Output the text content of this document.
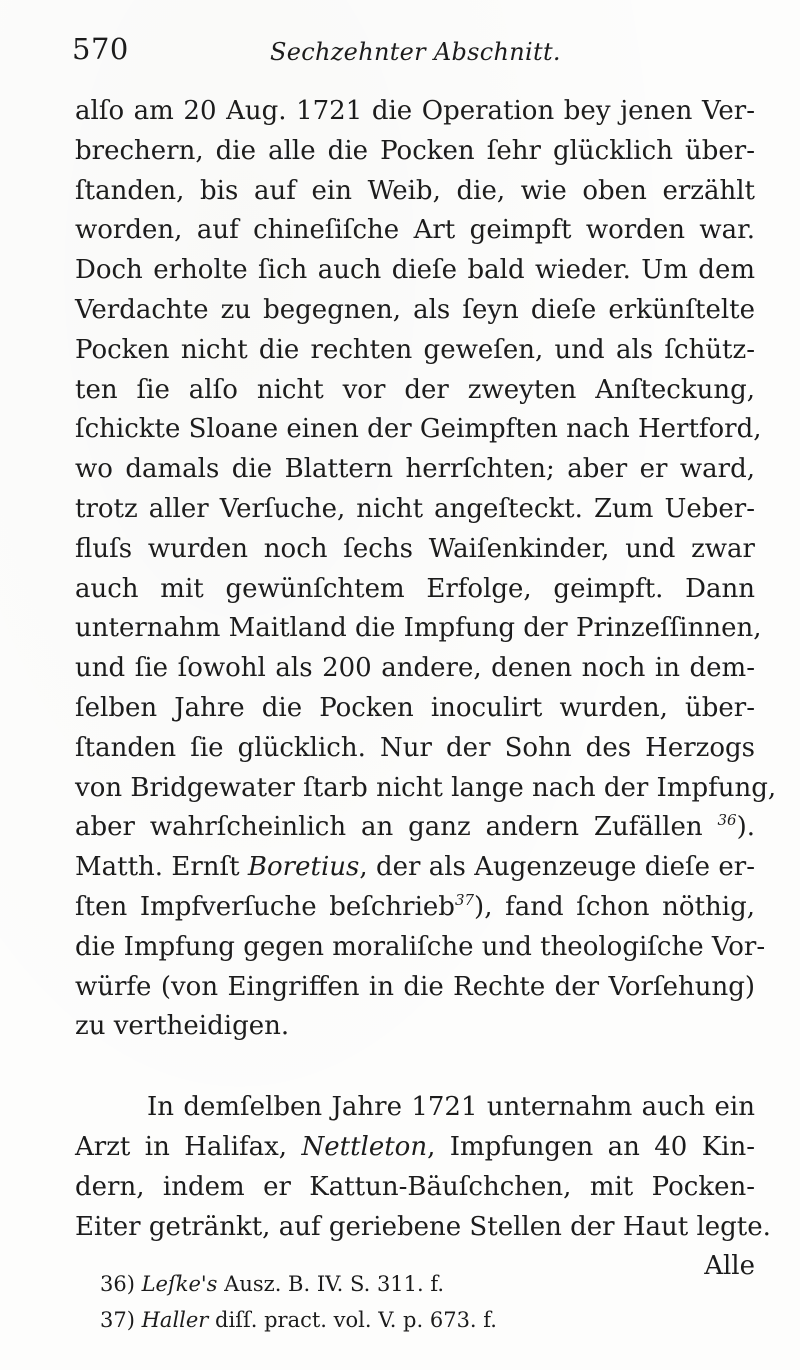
570	Sechzehnter Abschnitt.
alſo am 20 Aug. 1721 die Operation bey jenen Ver-
brechern, die alle die Pocken ſehr glücklich über-
ſtanden, bis auf ein Weib, die, wie oben erzählt
worden, auf chineſiſche Art geimpft worden war.
Doch erholte ſich auch dieſe bald wieder. Um dem
Verdachte zu begegnen, als ſeyn dieſe erkünſtelte
Pocken nicht die rechten geweſen, und als ſchütz-
ten ſie alſo nicht vor der zweyten Anſteckung,
ſchickte Sloane einen der Geimpften nach Hertford,
wo damals die Blattern herrſchten; aber er ward,
trotz aller Verſuche, nicht angeſteckt. Zum Ueber-
fluſs wurden noch ſechs Waiſenkinder, und zwar
auch mit gewünſchtem Erfolge, geimpft. Dann
unternahm Maitland die Impfung der Prinzeſſinnen,
und ſie ſowohl als 200 andere, denen noch in dem-
ſelben Jahre die Pocken inoculirt wurden, über-
ſtanden ſie glücklich. Nur der Sohn des Herzogs
von Bridgewater ſtarb nicht lange nach der Impfung,
aber wahrſcheinlich an ganz andern Zufällen $^{36}$).
Matth. Ernſt Boretius, der als Augenzeuge dieſe er-
ſten Impfverſuche beſchrieb$^{37}$), fand ſchon nöthig,
die Impfung gegen moraliſche und theologiſche Vor-
würfe (von Eingriffen in die Rechte der Vorſehung)
zu vertheidigen.
In demſelben Jahre 1721 unternahm auch ein
Arzt in Halifax, Nettleton, Impfungen an 40 Kin-
dern, indem er Kattun-Bäuſchchen, mit Pocken-
Eiter getränkt, auf geriebene Stellen der Haut legte.
Alle
36) Leſke's Ausz. B. IV. S. 311. f.
37) Haller diſſ. pract. vol. V. p. 673. f.
